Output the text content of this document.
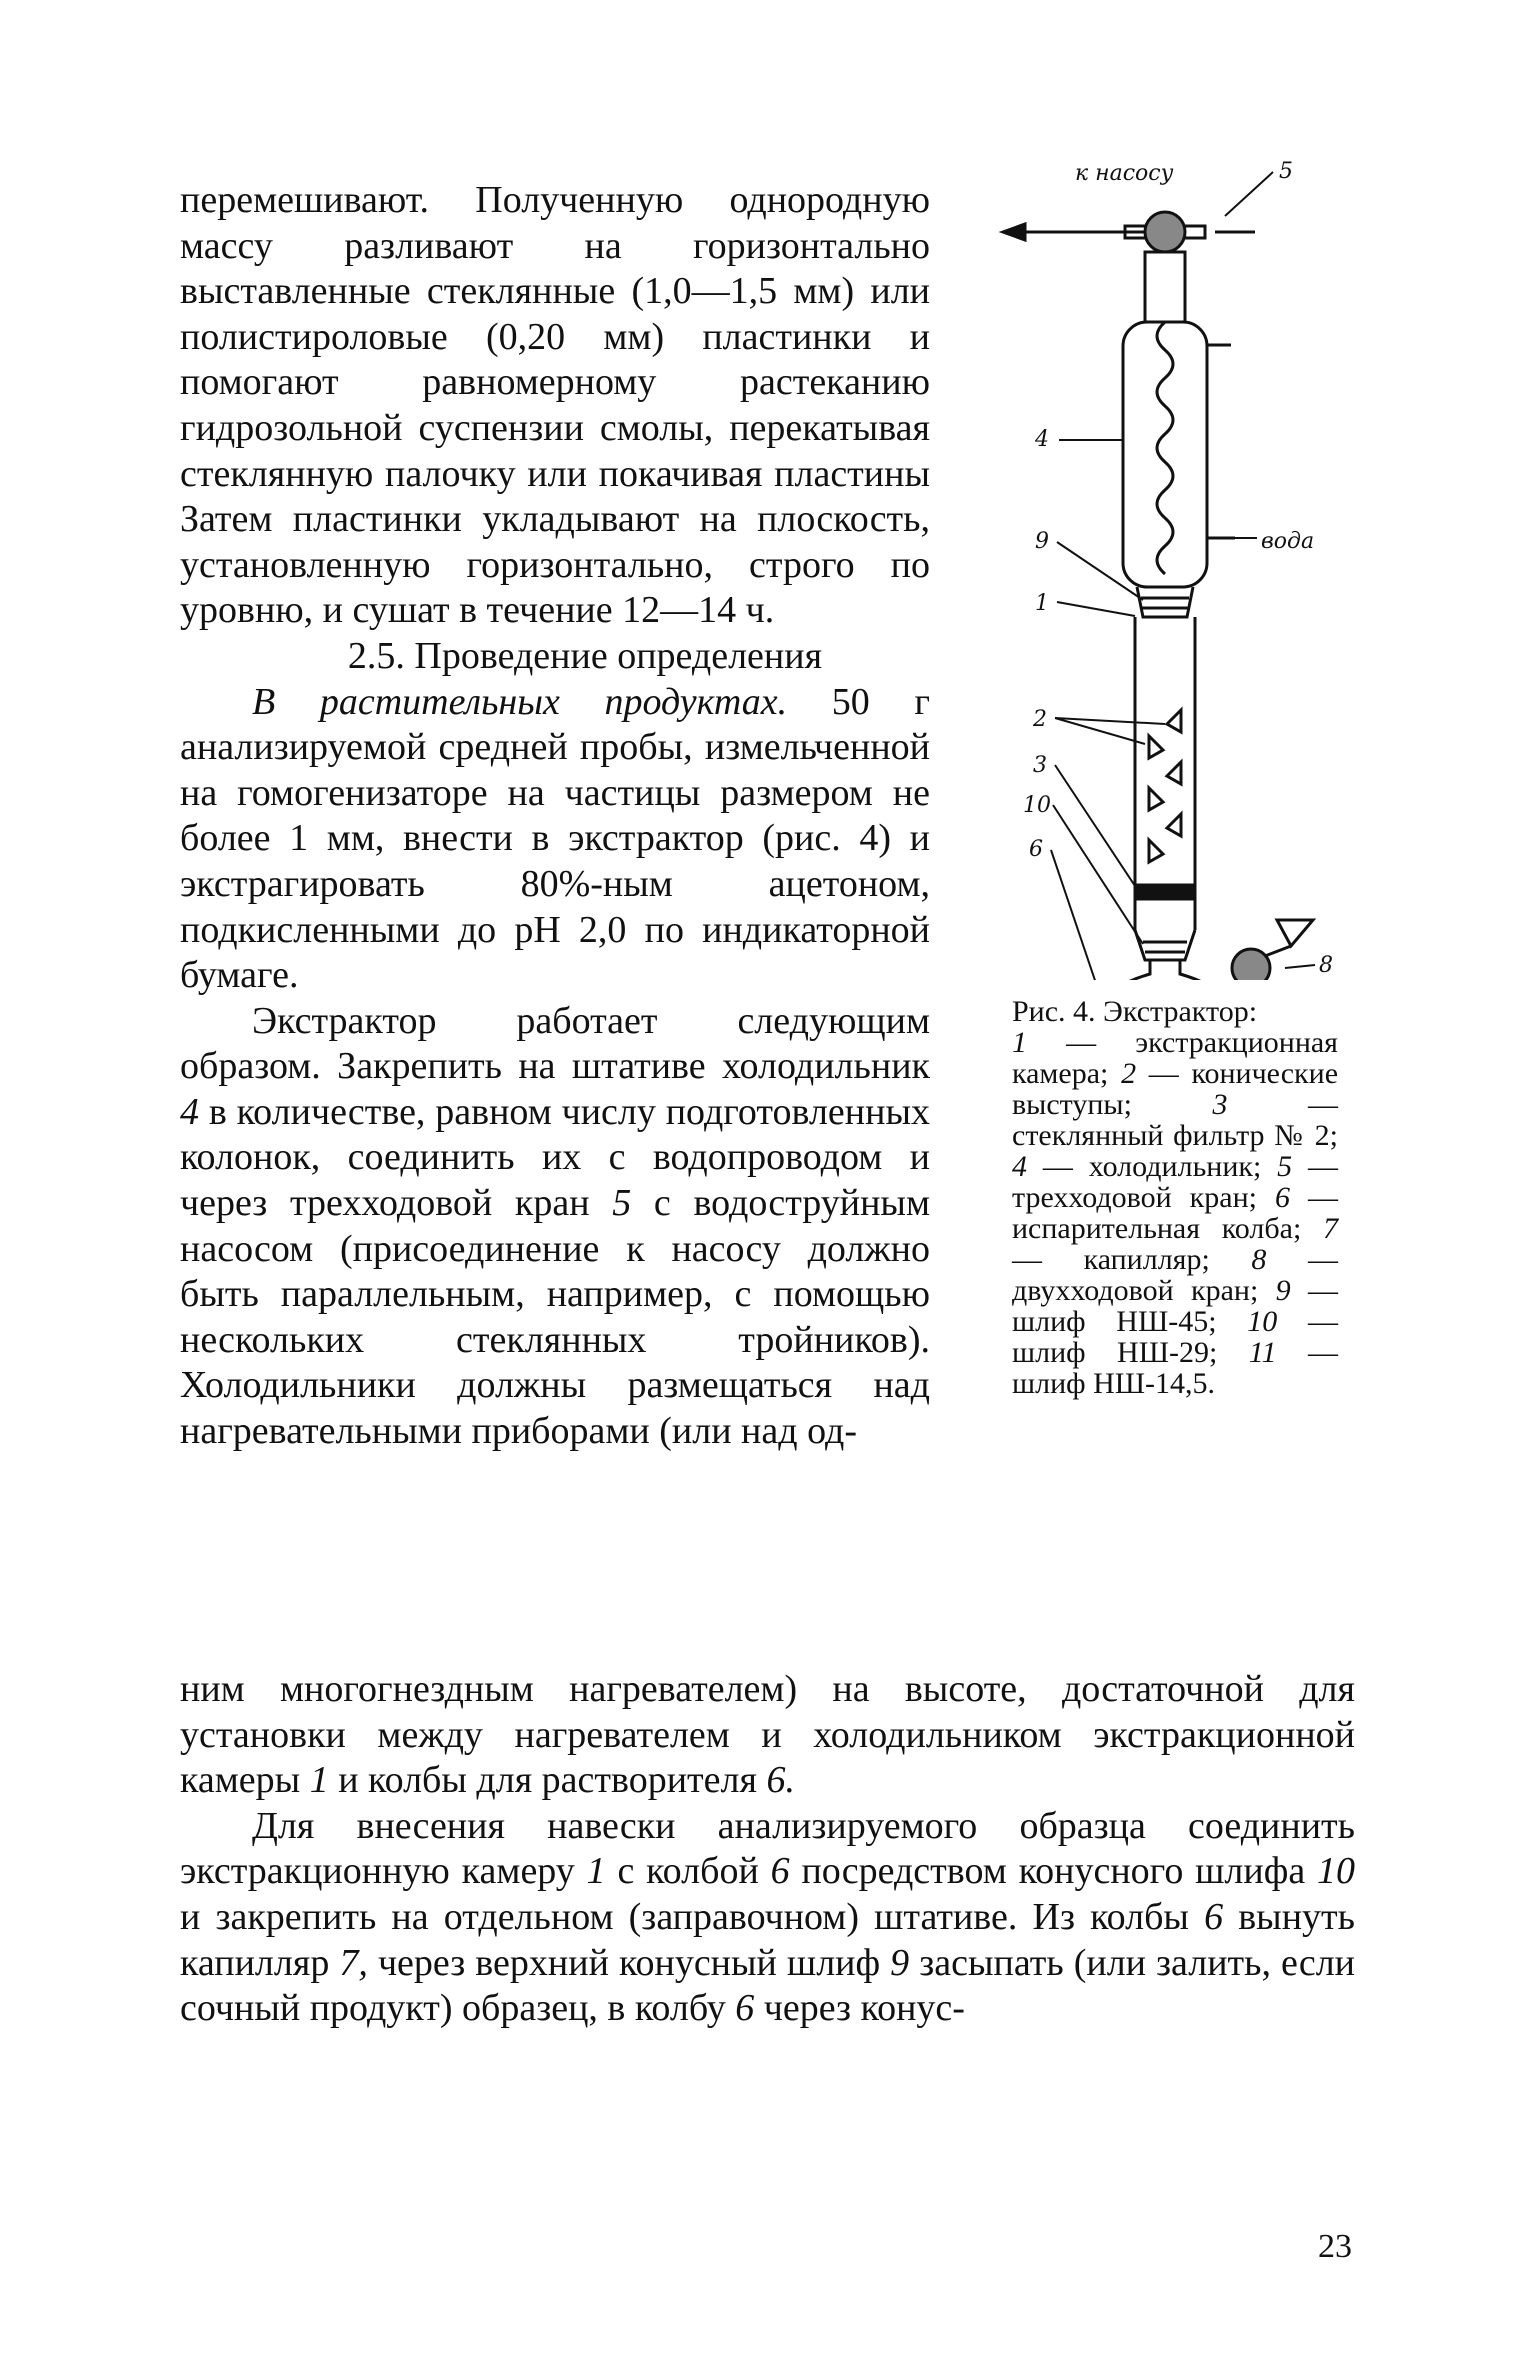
перемешивают. Полученную однородную массу разливают на горизонтально выставленные стеклянные (1,0—1,5 мм) или полистироловые (0,20 мм) пластинки и помогают равномерному растеканию гидрозольной суспензии смолы, перекатывая стеклянную палочку или покачивая пластины Затем пластинки укладывают на плоскость, установленную горизонтально, строго по уровню, и сушат в течение 12—14 ч.

2.5. Проведение определения

В растительных продуктах. 50 г анализируемой средней пробы, измельченной на гомогенизаторе на частицы размером не более 1 мм, внести в экстрактор (рис. 4) и экстрагировать 80%-ным ацетоном, подкисленными до pH 2,0 по индикаторной бумаге.

Экстрактор работает следующим образом. Закрепить на штативе холодильник 4 в количестве, равном числу подготовленных колонок, соединить их с водопроводом и через трехходовой кран 5 с водоструйным насосом (присоединение к насосу должно быть параллельным, например, с помощью нескольких стеклянных тройников). Холодильники должны размещаться над нагревательными приборами (или над од-

к насосу	5
4
вода
9
1
2
3
10
6
8

Рис. 4. Экстрактор:

1 — экстракционная камера; 2 — конические выступы; 3 — стеклянный фильтр № 2; 4 — холодильник; 5 — трехходовой кран; 6 — испарительная колба; 7 — капилляр; 8 — двухходовой кран; 9 — шлиф НШ-45; 10 — шлиф НШ-29; 11 — шлиф НШ-14,5.

ним многогнездным нагревателем) на высоте, достаточной для установки между нагревателем и холодильником экстракционной камеры 1 и колбы для растворителя 6.

Для внесения навески анализируемого образца соединить экстракционную камеру 1 с колбой 6 посредством конусного шлифа 10 и закрепить на отдельном (заправочном) штативе. Из колбы 6 вынуть капилляр 7, через верхний конусный шлиф 9 засыпать (или залить, если сочный продукт) образец, в колбу 6 через конус-

23
